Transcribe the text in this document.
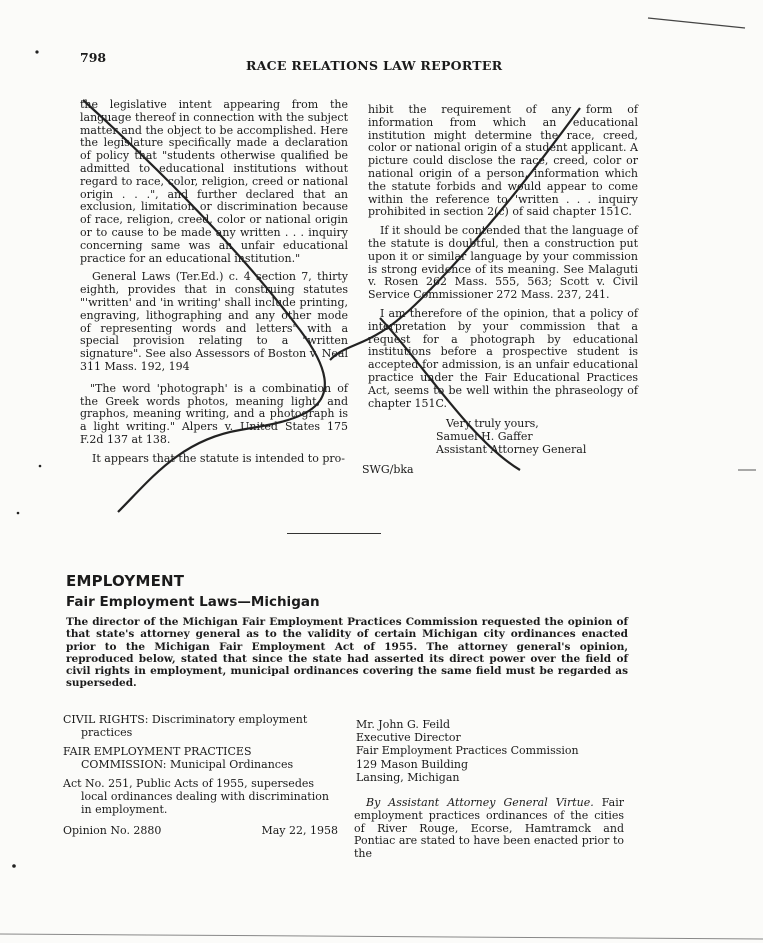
798
RACE RELATIONS LAW REPORTER

the legislative intent appearing from the language thereof in connection with the subject matter and the object to be accomplished. Here the legislature specifically made a declaration of policy that "students otherwise qualified be admitted to educational institutions without regard to race, color, religion, creed or national origin . . .", and further declared that an exclusion, limitation or discrimination because of race, religion, creed, color or national origin or to cause to be made any written . . . inquiry concerning same was an unfair educational practice for an educational institution."

General Laws (Ter.Ed.) c. 4 section 7, thirty eighth, provides that in construing statutes "'written' and 'in writing' shall include printing, engraving, lithographing and any other mode of representing words and letters" with a special provision relating to a "written signature". See also Assessors of Boston v. Neal 311 Mass. 192, 194

"The word 'photograph' is a combination of the Greek words photos, meaning light, and graphos, meaning writing, and a photograph is a light writing." Alpers v. United States 175 F.2d 137 at 138.

It appears that the statute is intended to pro-

hibit the requirement of any form of information from which an educational institution might determine the race, creed, color or national origin of a student applicant. A picture could disclose the race, creed, color or national origin of a person, information which the statute forbids and would appear to come within the reference to 'written . . . inquiry prohibited in section 2(c) of said chapter 151C.

If it should be contended that the language of the statute is doubtful, then a construction put upon it or similar language by your commission is strong evidence of its meaning. See Malaguti v. Rosen 262 Mass. 555, 563; Scott v. Civil Service Commissioner 272 Mass. 237, 241.

I am therefore of the opinion, that a policy of interpretation by your commission that a request for a photograph by educational institutions before a prospective student is accepted for admission, is an unfair educational practice under the Fair Educational Practices Act, seems to be well within the phraseology of chapter 151C.

Very truly yours,
Samuel H. Gaffer
Assistant Attorney General
SWG/bka
EMPLOYMENT
Fair Employment Laws—Michigan
The director of the Michigan Fair Employment Practices Commission requested the opinion of that state's attorney general as to the validity of certain Michigan city ordinances enacted prior to the Michigan Fair Employment Act of 1955. The attorney general's opinion, reproduced below, stated that since the state had asserted its direct power over the field of civil rights in employment, municipal ordinances covering the same field must be regarded as superseded.
CIVIL RIGHTS: Discriminatory employment practices
FAIR EMPLOYMENT PRACTICES COMMISSION: Municipal Ordinances
Act No. 251, Public Acts of 1955, supersedes local ordinances dealing with discrimination in employment.
Opinion No. 2880	May 22, 1958
Mr. John G. Feild
Executive Director
Fair Employment Practices Commission
129 Mason Building
Lansing, Michigan
By Assistant Attorney General Virtue. Fair employment practices ordinances of the cities of River Rouge, Ecorse, Hamtramck and Pontiac are stated to have been enacted prior to the
